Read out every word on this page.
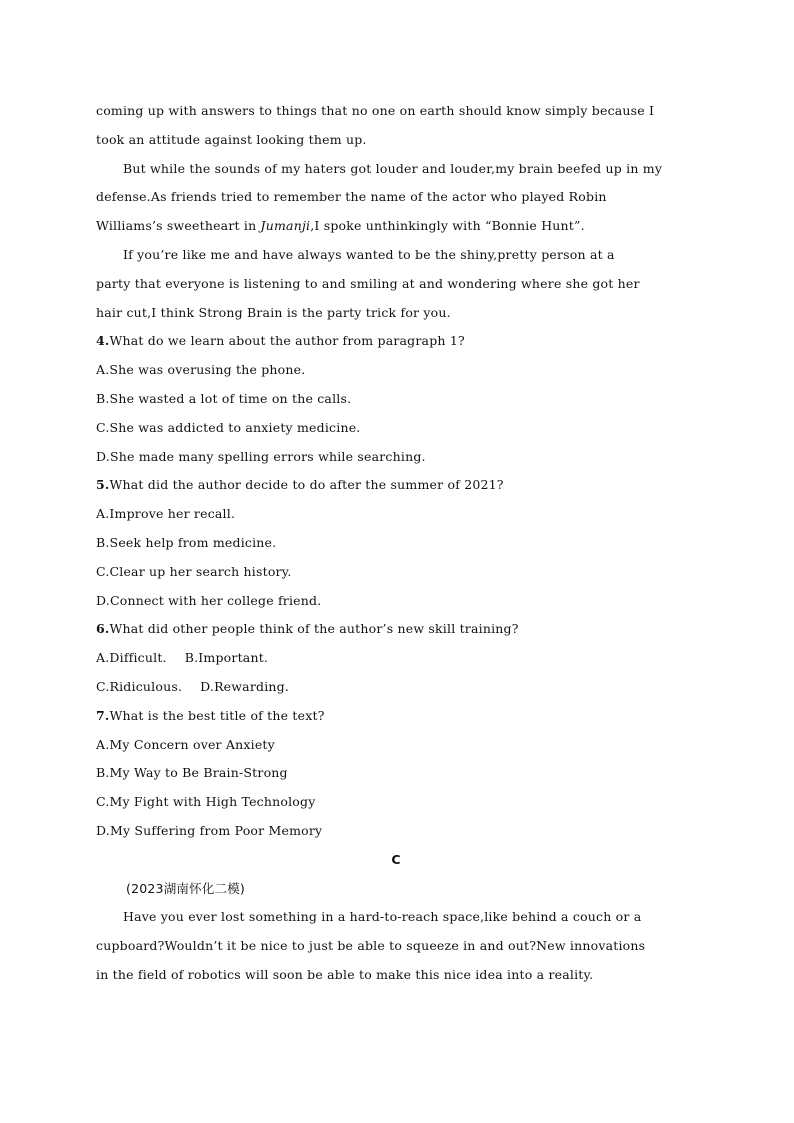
coming up with answers to things that no one on earth should know simply because I
took an attitude against looking them up.
But while the sounds of my haters got louder and louder,my brain beefed up in my
defense.As friends tried to remember the name of the actor who played Robin
Williams’s sweetheart in Jumanji,I spoke unthinkingly with “Bonnie Hunt”.
If you’re like me and have always wanted to be the shiny,pretty person at a
party that everyone is listening to and smiling at and wondering where she got her
hair cut,I think Strong Brain is the party trick for you.
4.What do we learn about the author from paragraph 1?
A.She was overusing the phone.
B.She wasted a lot of time on the calls.
C.She was addicted to anxiety medicine.
D.She made many spelling errors while searching.
5.What did the author decide to do after the summer of 2021?
A.Improve her recall.
B.Seek help from medicine.
C.Clear up her search history.
D.Connect with her college friend.
6.What did other people think of the author’s new skill training?
A.Difficult. B.Important.
C.Ridiculous. D.Rewarding.
7.What is the best title of the text?
A.My Concern over Anxiety
B.My Way to Be Brain-Strong
C.My Fight with High Technology
D.My Suffering from Poor Memory
C
(2023湖南怀化二模)
Have you ever lost something in a hard-to-reach space,like behind a couch or a
cupboard?Wouldn’t it be nice to just be able to squeeze in and out?New innovations
in the field of robotics will soon be able to make this nice idea into a reality.
